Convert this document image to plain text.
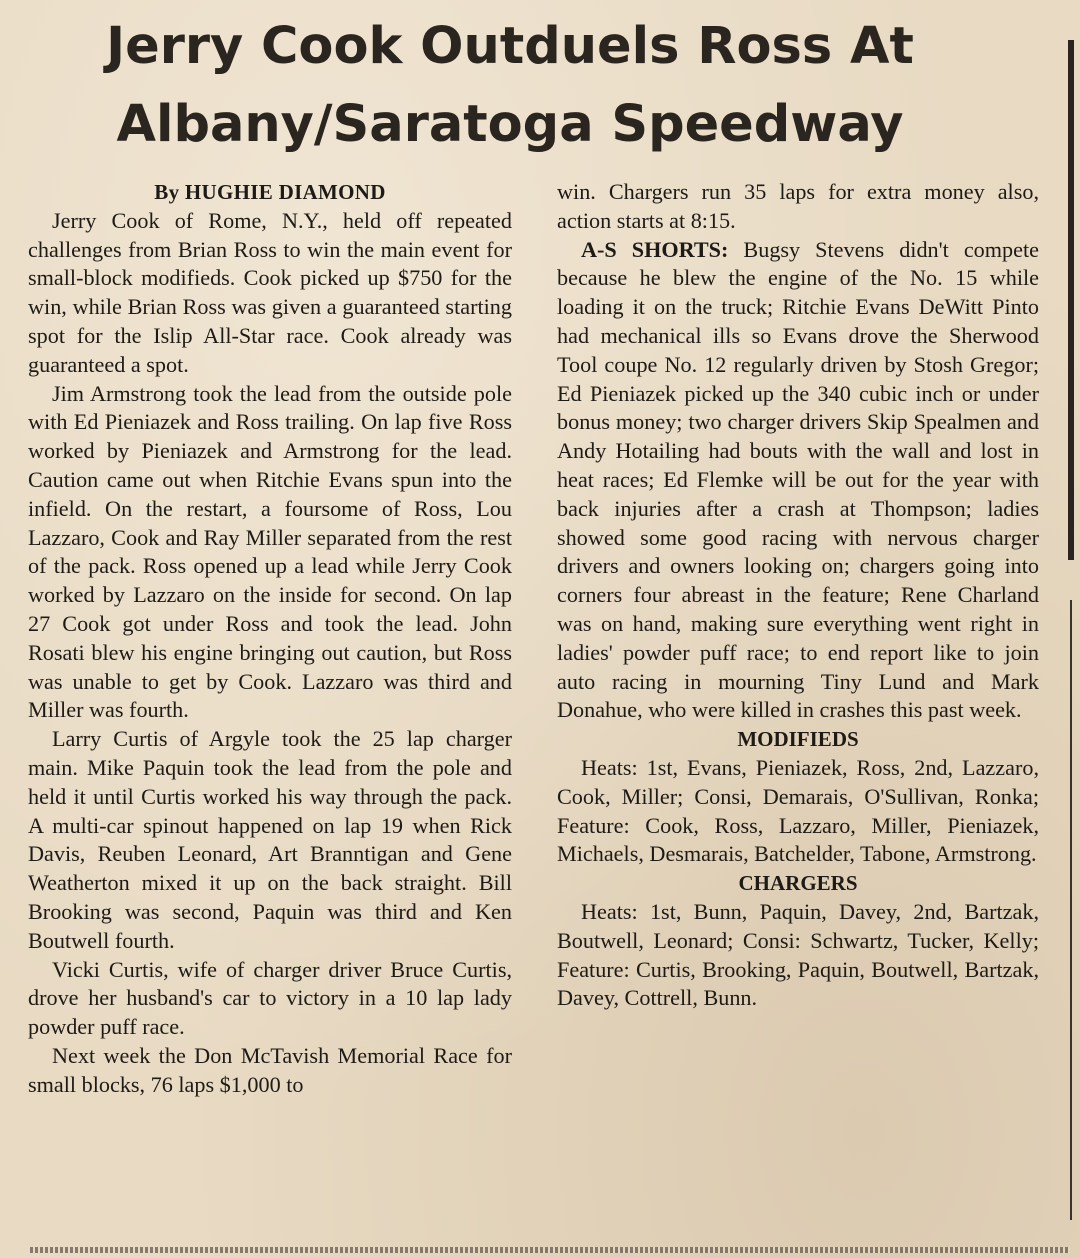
Jerry Cook Outduels Ross At
Albany/Saratoga Speedway

By HUGHIE DIAMOND

Jerry Cook of Rome, N.Y., held off repeated challenges from Brian Ross to win the main event for small-block modifieds. Cook picked up $750 for the win, while Brian Ross was given a guaranteed starting spot for the Islip All-Star race. Cook already was guaranteed a spot.

Jim Armstrong took the lead from the outside pole with Ed Pieniazek and Ross trailing. On lap five Ross worked by Pieniazek and Armstrong for the lead. Caution came out when Ritchie Evans spun into the infield. On the restart, a foursome of Ross, Lou Lazzaro, Cook and Ray Miller separated from the rest of the pack. Ross opened up a lead while Jerry Cook worked by Lazzaro on the inside for second. On lap 27 Cook got under Ross and took the lead. John Rosati blew his engine bringing out caution, but Ross was unable to get by Cook. Lazzaro was third and Miller was fourth.

Larry Curtis of Argyle took the 25 lap charger main. Mike Paquin took the lead from the pole and held it until Curtis worked his way through the pack. A multi-car spinout happened on lap 19 when Rick Davis, Reuben Leonard, Art Branntigan and Gene Weatherton mixed it up on the back straight. Bill Brooking was second, Paquin was third and Ken Boutwell fourth.

Vicki Curtis, wife of charger driver Bruce Curtis, drove her husband's car to victory in a 10 lap lady powder puff race.

Next week the Don McTavish Memorial Race for small blocks, 76 laps $1,000 to

win. Chargers run 35 laps for extra money also, action starts at 8:15.

A-S SHORTS: Bugsy Stevens didn't compete because he blew the engine of the No. 15 while loading it on the truck; Ritchie Evans DeWitt Pinto had mechanical ills so Evans drove the Sherwood Tool coupe No. 12 regularly driven by Stosh Gregor; Ed Pieniazek picked up the 340 cubic inch or under bonus money; two charger drivers Skip Spealmen and Andy Hotailing had bouts with the wall and lost in heat races; Ed Flemke will be out for the year with back injuries after a crash at Thompson; ladies showed some good racing with nervous charger drivers and owners looking on; chargers going into corners four abreast in the feature; Rene Charland was on hand, making sure everything went right in ladies' powder puff race; to end report like to join auto racing in mourning Tiny Lund and Mark Donahue, who were killed in crashes this past week.

MODIFIEDS

Heats: 1st, Evans, Pieniazek, Ross, 2nd, Lazzaro, Cook, Miller; Consi, Demarais, O'Sullivan, Ronka; Feature: Cook, Ross, Lazzaro, Miller, Pieniazek, Michaels, Desmarais, Batchelder, Tabone, Armstrong.

CHARGERS

Heats: 1st, Bunn, Paquin, Davey, 2nd, Bartzak, Boutwell, Leonard; Consi: Schwartz, Tucker, Kelly; Feature: Curtis, Brooking, Paquin, Boutwell, Bartzak, Davey, Cottrell, Bunn.
